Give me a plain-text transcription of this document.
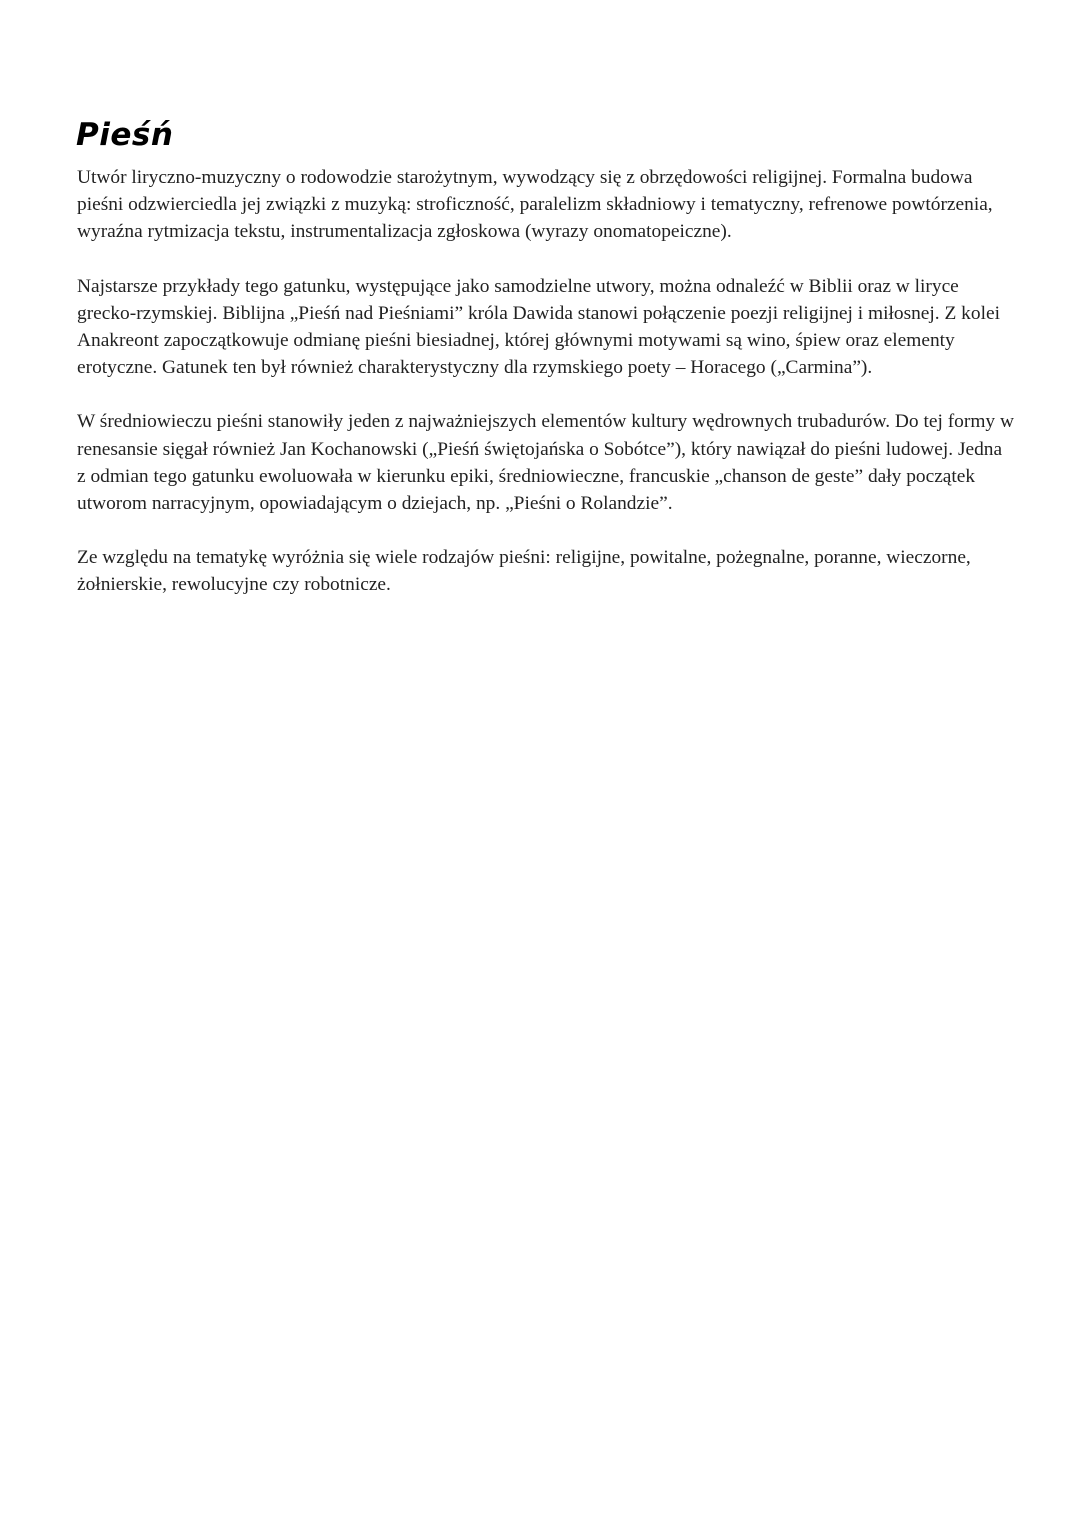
Pieśń

Utwór liryczno-muzyczny o rodowodzie starożytnym, wywodzący się z obrzędowości religijnej. Formalna budowa pieśni odzwierciedla jej związki z muzyką: stroficzność, paralelizm składniowy i tematyczny, refrenowe powtórzenia, wyraźna rytmizacja tekstu, instrumentalizacja zgłoskowa (wyrazy onomatopeiczne).

Najstarsze przykłady tego gatunku, występujące jako samodzielne utwory, można odnaleźć w Biblii oraz w liryce grecko-rzymskiej. Biblijna „Pieśń nad Pieśniami” króla Dawida stanowi połączenie poezji religijnej i miłosnej. Z kolei Anakreont zapoczątkowuje odmianę pieśni biesiadnej, której głównymi motywami są wino, śpiew oraz elementy erotyczne. Gatunek ten był również charakterystyczny dla rzymskiego poety – Horacego („Carmina”).

W średniowieczu pieśni stanowiły jeden z najważniejszych elementów kultury wędrownych trubadurów. Do tej formy w renesansie sięgał również Jan Kochanowski („Pieśń świętojańska o Sobótce”), który nawiązał do pieśni ludowej. Jedna z odmian tego gatunku ewoluowała w kierunku epiki, średniowieczne, francuskie „chanson de geste” dały początek utworom narracyjnym, opowiadającym o dziejach, np. „Pieśni o Rolandzie”.

Ze względu na tematykę wyróżnia się wiele rodzajów pieśni: religijne, powitalne, pożegnalne, poranne, wieczorne, żołnierskie, rewolucyjne czy robotnicze.
